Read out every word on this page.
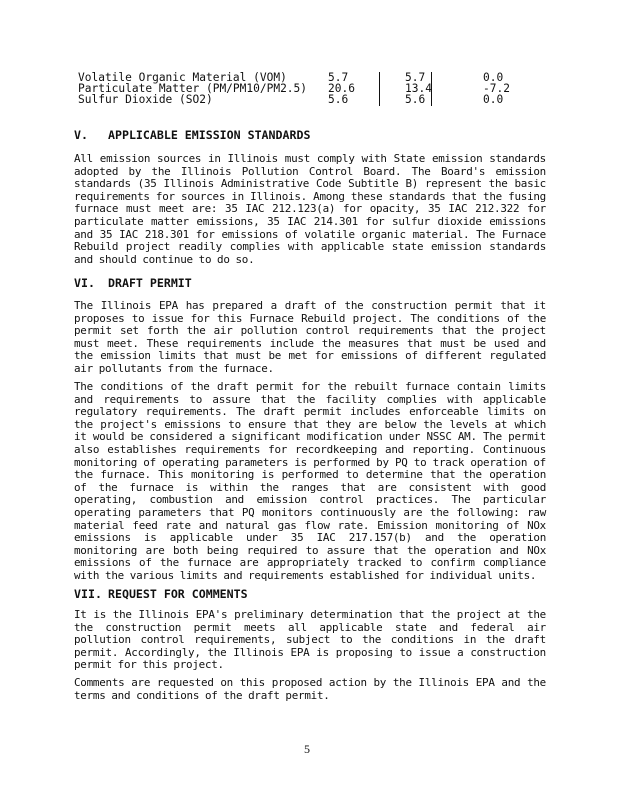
Volatile Organic Material (VOM)	5.7	5.7	0.0
Particulate Matter (PM/PM10/PM2.5) 20.6	13.4	-7.2
Sulfur Dioxide (SO2)	5.6	5.6	0.0
V. APPLICABLE EMISSION STANDARDS

All emission sources in Illinois must comply with State emission standards adopted by the Illinois Pollution Control Board. The Board's emission standards (35 Illinois Administrative Code Subtitle B) represent the basic requirements for sources in Illinois. Among these standards that the fusing furnace must meet are: 35 IAC 212.123(a) for opacity, 35 IAC 212.322 for particulate matter emissions, 35 IAC 214.301 for sulfur dioxide emissions and 35 IAC 218.301 for emissions of volatile organic material. The Furnace Rebuild project readily complies with applicable state emission standards and should continue to do so.

VI. DRAFT PERMIT

The Illinois EPA has prepared a draft of the construction permit that it proposes to issue for this Furnace Rebuild project. The conditions of the permit set forth the air pollution control requirements that the project must meet. These requirements include the measures that must be used and the emission limits that must be met for emissions of different regulated air pollutants from the furnace.

The conditions of the draft permit for the rebuilt furnace contain limits and requirements to assure that the facility complies with applicable regulatory requirements. The draft permit includes enforceable limits on the project's emissions to ensure that they are below the levels at which it would be considered a significant modification under NSSC AM. The permit also establishes requirements for recordkeeping and reporting. Continuous monitoring of operating parameters is performed by PQ to track operation of the furnace. This monitoring is performed to determine that the operation of the furnace is within the ranges that are consistent with good operating, combustion and emission control practices. The particular operating parameters that PQ monitors continuously are the following: raw material feed rate and natural gas flow rate. Emission monitoring of NOx emissions is applicable under 35 IAC 217.157(b) and the operation monitoring are both being required to assure that the operation and NOx emissions of the furnace are appropriately tracked to confirm compliance with the various limits and requirements established for individual units.

VII. REQUEST FOR COMMENTS

It is the Illinois EPA's preliminary determination that the project at the the construction permit meets all applicable state and federal air pollution control requirements, subject to the conditions in the draft permit. Accordingly, the Illinois EPA is proposing to issue a construction permit for this project.

Comments are requested on this proposed action by the Illinois EPA and the terms and conditions of the draft permit.

5
